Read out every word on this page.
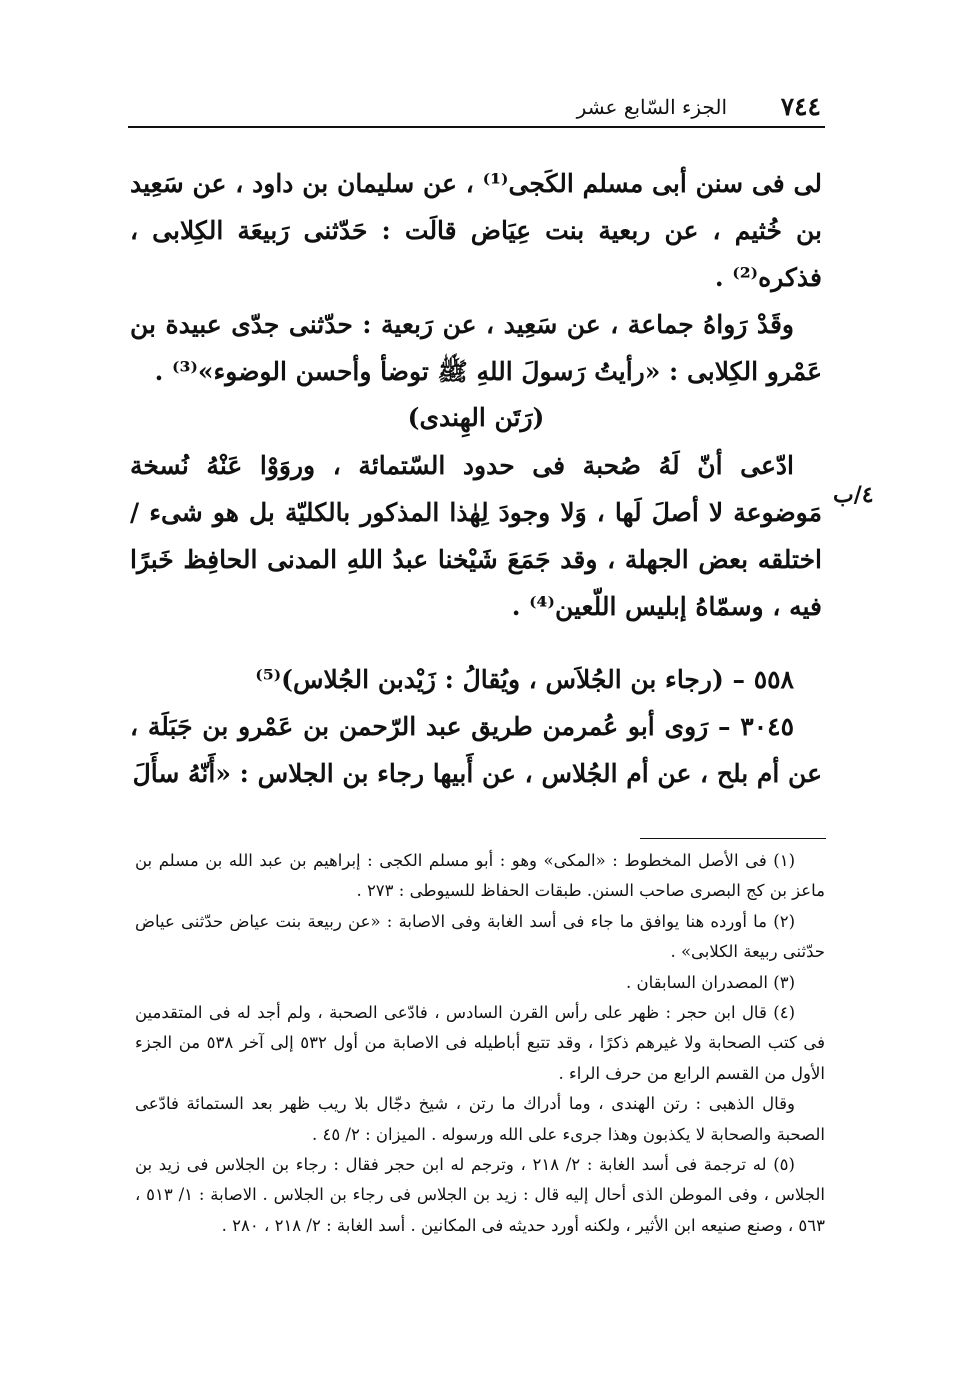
٧٤٤
الجزء السّابع عشر

لى فى سنن أبى مسلم الكَجى⁽¹⁾ ، عن سليمان بن داود ، عن سَعِيد بن خُثيم ، عن ربعية بنت عِيَاض قالَت : حَدّثنى رَبيعَة الكِلابى ، فذكره⁽²⁾ .

وقَدْ رَواهُ جماعة ، عن سَعِيد ، عن رَبعية : حدّثنى جدّى عبيدة بن عَمْرو الكِلابى : «رأيتُ رَسولَ اللهِ ﷺ توضأ وأحسن الوضوء»⁽³⁾ .

(رَتَن الهِندى)

ادّعى أنّ لَهُ صُحبة فى حدود السّتمائة ، وروَوْا عَنْهُ نُسخة مَوضوعة لا أصلَ لَها ، وَلا وجودَ لِهٰذا المذكور بالكليّة بل هو شىء / اختلقه بعض الجهلة ، وقد جَمَعَ شَيْخنا عبدُ اللهِ المدنى الحافِظ خَبرًا فيه ، وسمّاهُ إبليس اللّعين⁽⁴⁾ .

٤/ب

٥٥٨ – (رجاء بن الجُلاَس ، ويُقالُ : زَيْدبن الجُلاس)⁽⁵⁾

٣٠٤٥ – رَوى أبو عُمرمن طريق عبد الرّحمن بن عَمْرو بن جَبَلَة ، عن أم بلح ، عن أم الجُلاس ، عن أَبيها رجاء بن الجلاس : «أَنّهُ سأَلَ

(١) فى الأصل المخطوط : «المكى» وهو : أبو مسلم الكجى : إبراهيم بن عبد الله بن مسلم بن ماعز بن كج البصرى صاحب السنن. طبقات الحفاظ للسيوطى : ٢٧٣ .

(٢) ما أورده هنا يوافق ما جاء فى أسد الغابة وفى الاصابة : «عن ربيعة بنت عياض حدّثنى عياض حدّثنى ربيعة الكلابى» .

(٣) المصدران السابقان .

(٤) قال ابن حجر : ظهر على رأس القرن السادس ، فادّعى الصحبة ، ولم أجد له فى المتقدمين فى كتب الصحابة ولا غيرهم ذكرًا ، وقد تتبع أباطيله فى الاصابة من أول ٥٣٢ إلى آخر ٥٣٨ من الجزء الأول من القسم الرابع من حرف الراء .

وقال الذهبى : رتن الهندى ، وما أدراك ما رتن ، شيخ دجّال بلا ريب ظهر بعد الستمائة فادّعى الصحبة والصحابة لا يكذبون وهذا جرىء على الله ورسوله . الميزان : ٢/ ٤٥ .

(٥) له ترجمة فى أسد الغابة : ٢/ ٢١٨ ، وترجم له ابن حجر فقال : رجاء بن الجلاس فى زيد بن الجلاس ، وفى الموطن الذى أحال إليه قال : زيد بن الجلاس فى رجاء بن الجلاس . الاصابة : ١/ ٥١٣ ، ٥٦٣ ، وصنع صنيعه ابن الأثير ، ولكنه أورد حديثه فى المكانين . أسد الغابة : ٢/ ٢١٨ ، ٢٨٠ .
